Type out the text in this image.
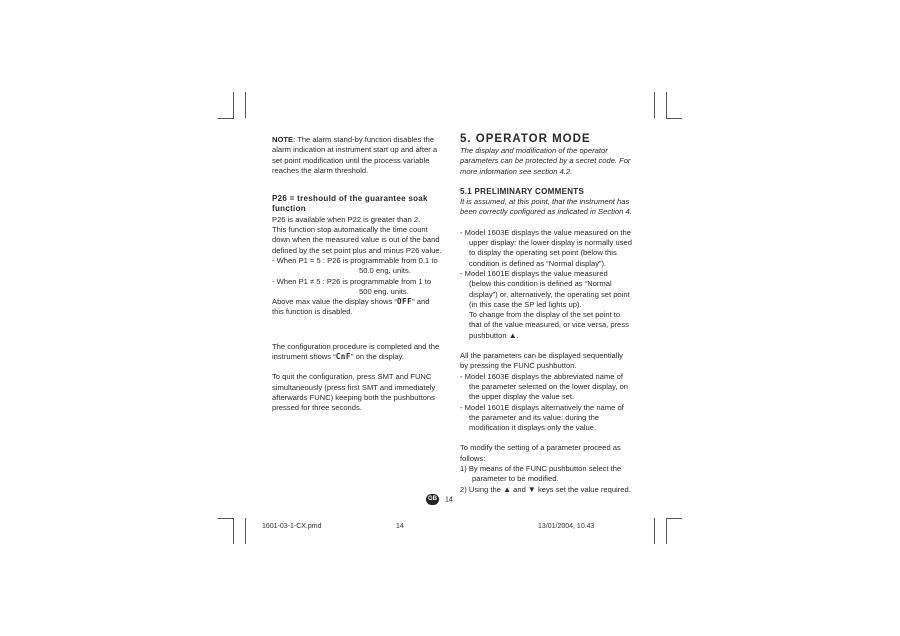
NOTE: The alarm stand-by function disables the alarm indication at instrument start up and after a set point modification until the process variable reaches the alarm threshold.

P26 = treshould of the guarantee soak function

P26 is available when P22 is greater than 2.

This function stop automatically the time count down when the measured value is out of the band defined by the set point plus and minus P26 value.

- When P1 = 5 : P26 is programmable from 0.1 to

50.0 eng. units.

- When P1 ≠ 5 : P26 is programmable from 1 to

500 eng. units.

Above max value the display shows “OFF” and this function is disabled.

The configuration procedure is completed and the instrument shows “CnF” on the display.

To quit the configuration, press SMT and FUNC simultaneously (press first SMT and immediately afterwards FUNC) keeping both the pushbuttons pressed for three seconds.

5. OPERATOR MODE

The display and modification of the operator parameters can be protected by a secret code. For more information see section 4.2.

5.1 PRELIMINARY COMMENTS

It is assumed, at this point, that the instrument has been correctly configured as indicated in Section 4.

- Model 1603E displays the value measured on the upper display: the lower display is normally used to display the operating set point (below this condition is defined as “Normal display”).

- Model 1601E displays the value measured (below this condition is defined as “Normal display”) or, alternatively, the operating set point (in this case the SP led lights up).

To change from the display of the set point to that of the value measured, or vice versa, press pushbutton ▲.

All the parameters can be displayed sequentially by pressing the FUNC pushbutton.

- Model 1603E displays the abbreviated name of the parameter selected on the lower display, on the upper display the value set.

- Model 1601E displays alternatively the name of the parameter and its value: during the modification it displays only the value.

To modify the setting of a parameter proceed as follows:

1) By means of the FUNC pushbutton select the parameter to be modified.

2) Using the ▲ and ▼ keys set the value required.

GB 14
1601-03-1-CX.pmd	14	13/01/2004, 10.43
